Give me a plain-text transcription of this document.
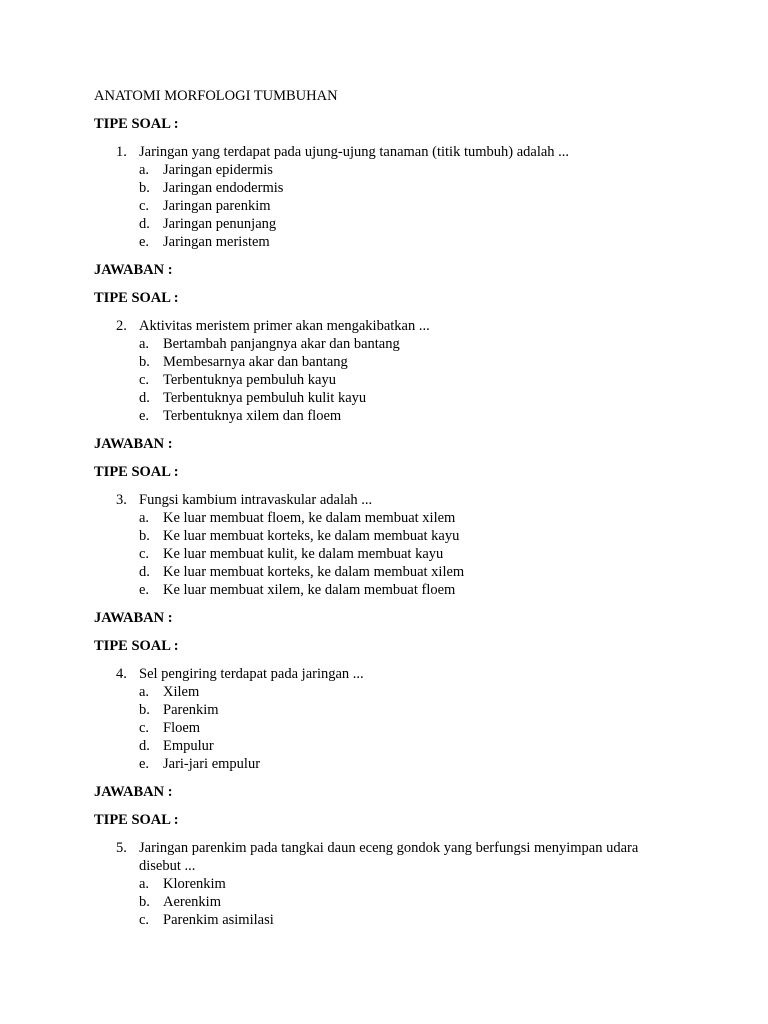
ANATOMI MORFOLOGI TUMBUHAN
TIPE SOAL :
1. Jaringan yang terdapat pada ujung-ujung tanaman (titik tumbuh) adalah ...
a. Jaringan epidermis
b. Jaringan endodermis
c. Jaringan parenkim
d. Jaringan penunjang
e. Jaringan meristem
JAWABAN :
TIPE SOAL :
2. Aktivitas meristem primer akan mengakibatkan ...
a. Bertambah panjangnya akar dan bantang
b. Membesarnya akar dan bantang
c. Terbentuknya pembuluh kayu
d. Terbentuknya pembuluh kulit kayu
e. Terbentuknya xilem dan floem
JAWABAN :
TIPE SOAL :
3. Fungsi kambium intravaskular adalah ...
a. Ke luar membuat floem, ke dalam membuat xilem
b. Ke luar membuat korteks, ke dalam membuat kayu
c. Ke luar membuat kulit, ke dalam membuat kayu
d. Ke luar membuat korteks, ke dalam membuat xilem
e. Ke luar membuat xilem, ke dalam membuat floem
JAWABAN :
TIPE SOAL :
4. Sel pengiring terdapat pada jaringan ...
a. Xilem
b. Parenkim
c. Floem
d. Empulur
e. Jari-jari empulur
JAWABAN :
TIPE SOAL :
5. Jaringan parenkim pada tangkai daun eceng gondok yang berfungsi menyimpan udara disebut ...
a. Klorenkim
b. Aerenkim
c. Parenkim asimilasi
